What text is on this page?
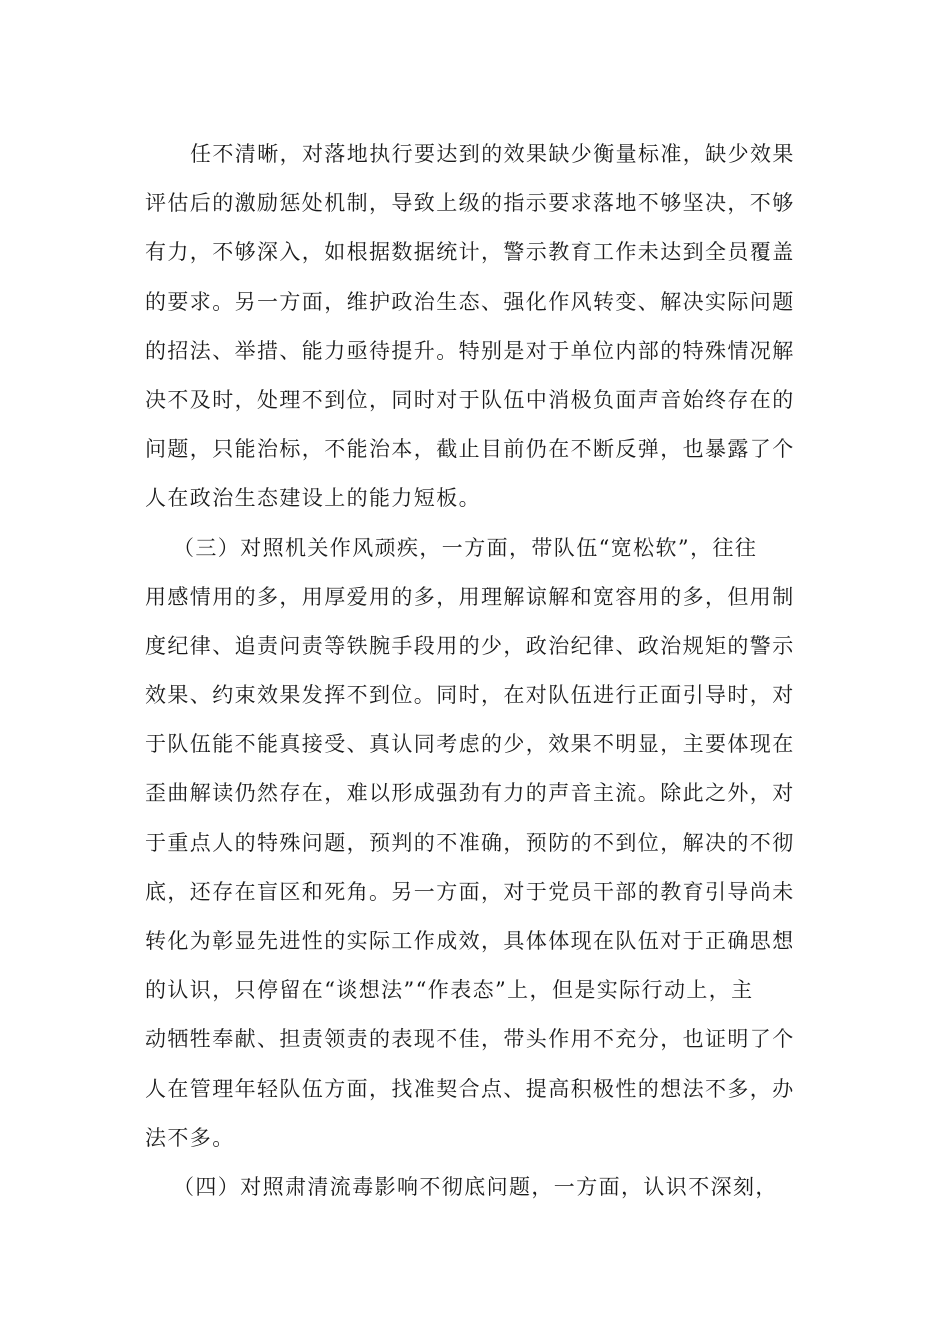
任不清晰，对落地执行要达到的效果缺少衡量标准，缺少效果
评估后的激励惩处机制，导致上级的指示要求落地不够坚决，不够
有力，不够深入，如根据数据统计，警示教育工作未达到全员覆盖
的要求。另一方面，维护政治生态、强化作风转变、解决实际问题
的招法、举措、能力亟待提升。特别是对于单位内部的特殊情况解
决不及时，处理不到位，同时对于队伍中消极负面声音始终存在的
问题，只能治标，不能治本，截止目前仍在不断反弹，也暴露了个
人在政治生态建设上的能力短板。
（三）对照机关作风顽疾，一方面，带队伍“宽松软”，往往
用感情用的多，用厚爱用的多，用理解谅解和宽容用的多，但用制
度纪律、追责问责等铁腕手段用的少，政治纪律、政治规矩的警示
效果、约束效果发挥不到位。同时，在对队伍进行正面引导时，对
于队伍能不能真接受、真认同考虑的少，效果不明显，主要体现在
歪曲解读仍然存在，难以形成强劲有力的声音主流。除此之外，对
于重点人的特殊问题，预判的不准确，预防的不到位，解决的不彻
底，还存在盲区和死角。另一方面，对于党员干部的教育引导尚未
转化为彰显先进性的实际工作成效，具体体现在队伍对于正确思想
的认识，只停留在“谈想法”“作表态”上，但是实际行动上，主
动牺牲奉献、担责领责的表现不佳，带头作用不充分，也证明了个
人在管理年轻队伍方面，找准契合点、提高积极性的想法不多，办
法不多。
（四）对照肃清流毒影响不彻底问题，一方面，认识不深刻，
